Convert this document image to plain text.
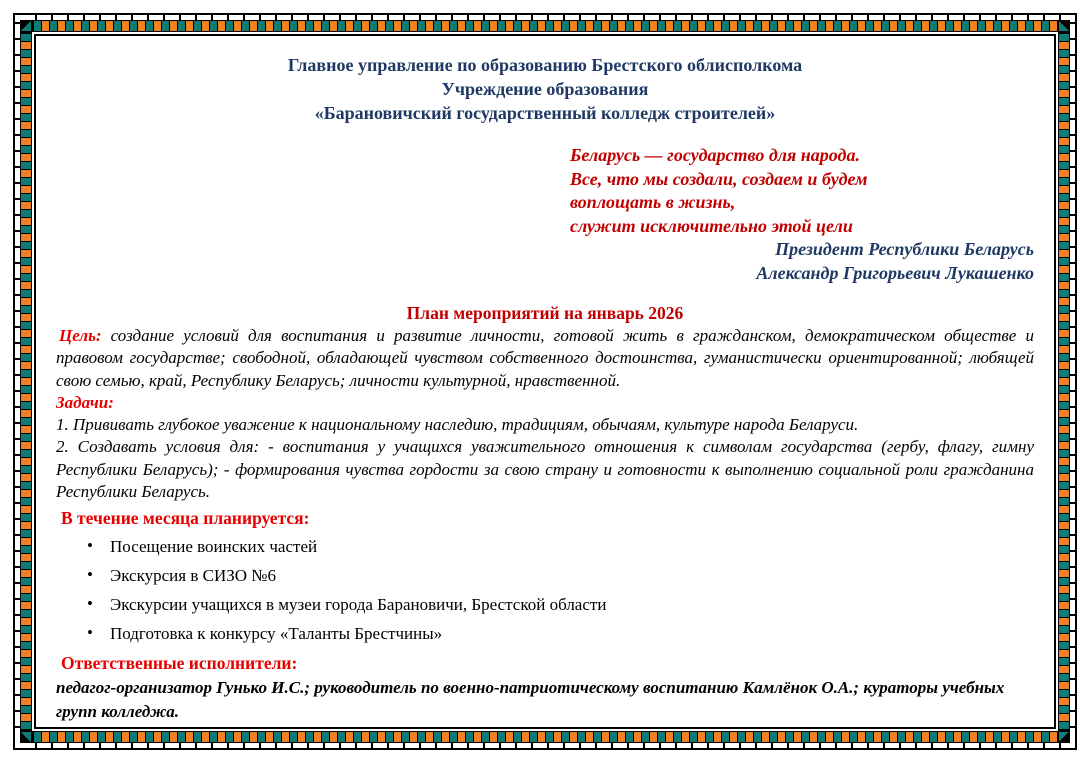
Главное управление по образованию Брестского облисполкома
Учреждение образования
«Барановичский государственный колледж строителей»
Беларусь — государство для народа.
Все, что мы создали, создаем и будем
воплощать в жизнь,
служит исключительно этой цели
Президент Республики Беларусь
Александр Григорьевич Лукашенко
План мероприятий на январь 2026

Цель: создание условий для воспитания и развитие личности, готовой жить в гражданском, демократическом обществе и правовом государстве; свободной, обладающей чувством собственного достоинства, гуманистически ориентированной; любящей свою семью, край, Республику Беларусь; личности культурной, нравственной.

Задачи:

1. Прививать глубокое уважение к национальному наследию, традициям, обычаям, культуре народа Беларуси.

2. Создавать условия для: - воспитания у учащихся уважительного отношения к символам государства (гербу, флагу, гимну Республики Беларусь); - формирования чувства гордости за свою страну и готовности к выполнению социальной роли гражданина Республики Беларусь.

В течение месяца планируется:
• Посещение воинских частей
• Экскурсия в СИЗО №6
• Экскурсии учащихся в музеи города Барановичи, Брестской области
• Подготовка к конкурсу «Таланты Брестчины»
Ответственные исполнители:

педагог-организатор Гунько И.С.; руководитель по военно-патриотическому воспитанию Камлёнок О.А.; кураторы учебных групп колледжа.
